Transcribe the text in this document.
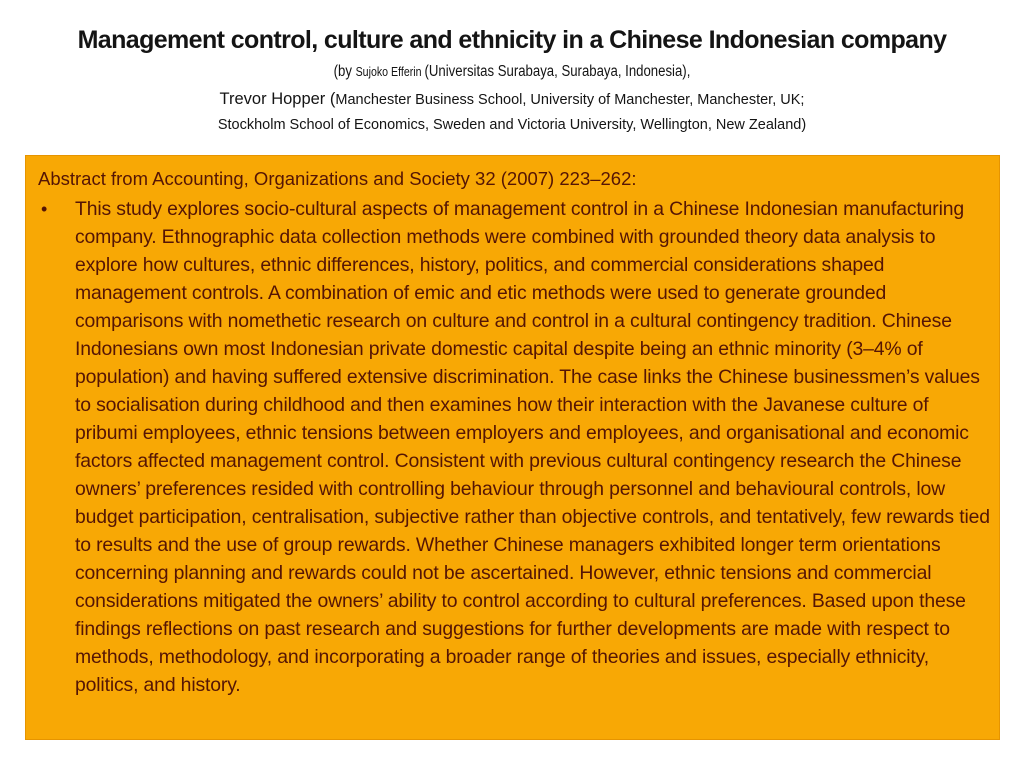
Management control, culture and ethnicity in a Chinese Indonesian company
(by Sujoko Efferin (Universitas Surabaya, Surabaya, Indonesia),
Trevor Hopper (Manchester Business School, University of Manchester, Manchester, UK;
Stockholm School of Economics, Sweden and Victoria University, Wellington, New Zealand)
Abstract from Accounting, Organizations and Society 32 (2007) 223–262:
•	This study explores socio-cultural aspects of management control in a Chinese Indonesian manufacturing company. Ethnographic data collection methods were combined with grounded theory data analysis to explore how cultures, ethnic differences, history, politics, and commercial considerations shaped management controls. A combination of emic and etic methods were used to generate grounded comparisons with nomethetic research on culture and control in a cultural contingency tradition. Chinese Indonesians own most Indonesian private domestic capital despite being an ethnic minority (3–4% of population) and having suffered extensive discrimination. The case links the Chinese businessmen’s values to socialisation during childhood and then examines how their interaction with the Javanese culture of pribumi employees, ethnic tensions between employers and employees, and organisational and economic factors affected management control. Consistent with previous cultural contingency research the Chinese owners’ preferences resided with controlling behaviour through personnel and behavioural controls, low budget participation, centralisation, subjective rather than objective controls, and tentatively, few rewards tied to results and the use of group rewards. Whether Chinese managers exhibited longer term orientations concerning planning and rewards could not be ascertained. However, ethnic tensions and commercial considerations mitigated the owners’ ability to control according to cultural preferences. Based upon these findings reflections on past research and suggestions for further developments are made with respect to methods, methodology, and incorporating a broader range of theories and issues, especially ethnicity, politics, and history.
